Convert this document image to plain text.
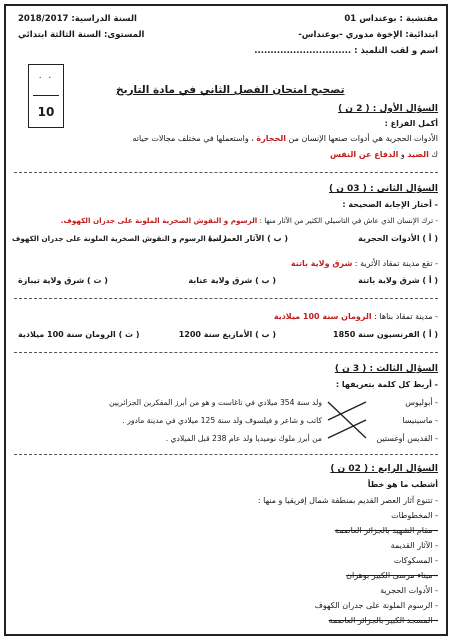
مفتشية : بوعنداس 01
ابتدائية: الإخوة مدوري -بوعنداس-
اسم و لقب التلميذ : ..............................
السنة الدراسية: 2018/2017
المستوى: السنة الثالثة ابتدائي
. .
10
تصحيح امتحان الفصل الثاني في مادة التاريخ
السؤال الأول : ( 2 ن )
أكمل الفراغ :
الأدوات الحجرية هي أدوات صنعها الإنسان من الحجارة ، واستعملها في مختلف مجالات حياته
ك الصيد و الدفاع عن النفس
السؤال الثاني : ( 03 ن )
- أختار الإجابة الصحيحة :
- ترك الإنسان الذي عاش في التاسيلي الكثير من الآثار منها : الرسوم و النقوش الصخرية الملونة على جدران الكهوف.
( أ ) الأدوات الحجرية
( ب ) الآثار العمرانية
( ت ) الرسوم و النقوش الصخرية الملونة على جدران الكهوف
- تقع مدينة تمقاد الأثرية : شرق ولاية باتنة
( أ ) شرق ولاية باتنة
( ب ) شرق ولاية عنابة
( ت ) شرق ولاية تيبازة
- مدينة تمقاد بناها : الرومان سنة 100 ميلادية
( أ ) الفرنسيون سنة 1850
( ب ) الأمازيغ سنة 1200
( ت ) الرومان سنة 100 ميلادية
السؤال الثالث : ( 3 ن )
- أربط كل كلمة بتعريفها :
- أبوليوس
- ماسينيسا
- القديس أوغستين
ولد سنة 354 ميلادي في تاغاست و هو من أبرز المفكرين الجزائريين
كاتب و شاعر و فيلسوف ولد سنة 125 ميلادي في مدينة مادور .
من أبرز ملوك نوميديا ولد عام 238 قبل الميلادي .
السؤال الرابع : ( 02 ن )
أشطب ما هو خطأ
- تتنوع آثار العصر القديم بمنطقة شمال إفريقيا و منها :
- المخطوطات
- مقام الشهيد بالجزائر العاصمة
- الآثار القديمة
- المسكوكات
- ميناء مرسى الكبير بوهران
- الأدوات الحجرية
- الرسوم الملونة على جدران الكهوف
- المسجد الكبير بالجزائر العاصمة
